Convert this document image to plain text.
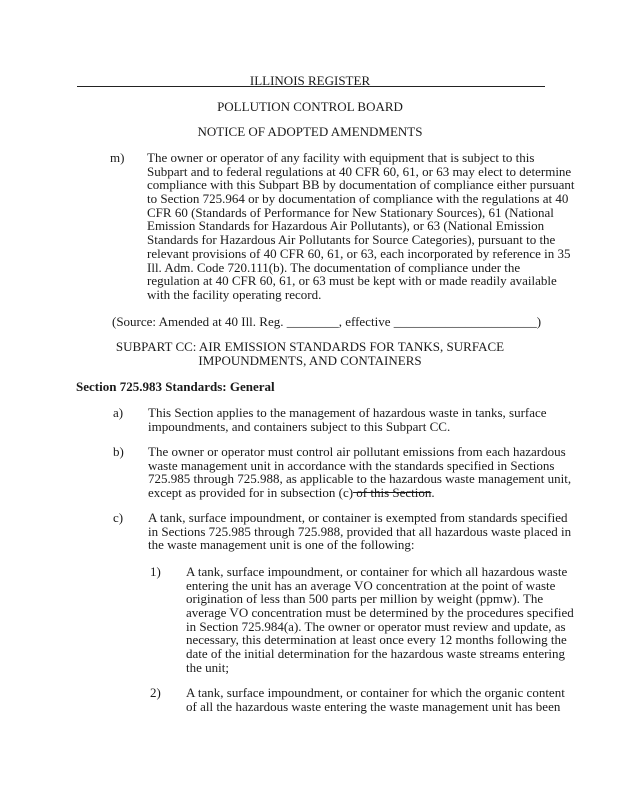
ILLINOIS REGISTER
POLLUTION CONTROL BOARD
NOTICE OF ADOPTED AMENDMENTS
m) The owner or operator of any facility with equipment that is subject to this
Subpart and to federal regulations at 40 CFR 60, 61, or 63 may elect to determine
compliance with this Subpart BB by documentation of compliance either pursuant
to Section 725.964 or by documentation of compliance with the regulations at 40
CFR 60 (Standards of Performance for New Stationary Sources), 61 (National
Emission Standards for Hazardous Air Pollutants), or 63 (National Emission
Standards for Hazardous Air Pollutants for Source Categories), pursuant to the
relevant provisions of 40 CFR 60, 61, or 63, each incorporated by reference in 35
Ill. Adm. Code 720.111(b). The documentation of compliance under the
regulation at 40 CFR 60, 61, or 63 must be kept with or made readily available
with the facility operating record.
(Source: Amended at 40 Ill. Reg. ________, effective ______________________)
SUBPART CC: AIR EMISSION STANDARDS FOR TANKS, SURFACE
IMPOUNDMENTS, AND CONTAINERS
Section 725.983 Standards: General
a) This Section applies to the management of hazardous waste in tanks, surface
impoundments, and containers subject to this Subpart CC.
b) The owner or operator must control air pollutant emissions from each hazardous
waste management unit in accordance with the standards specified in Sections
725.985 through 725.988, as applicable to the hazardous waste management unit,
except as provided for in subsection (c) of this Section.
c) A tank, surface impoundment, or container is exempted from standards specified
in Sections 725.985 through 725.988, provided that all hazardous waste placed in
the waste management unit is one of the following:
1) A tank, surface impoundment, or container for which all hazardous waste
entering the unit has an average VO concentration at the point of waste
origination of less than 500 parts per million by weight (ppmw). The
average VO concentration must be determined by the procedures specified
in Section 725.984(a). The owner or operator must review and update, as
necessary, this determination at least once every 12 months following the
date of the initial determination for the hazardous waste streams entering
the unit;
2) A tank, surface impoundment, or container for which the organic content
of all the hazardous waste entering the waste management unit has been
